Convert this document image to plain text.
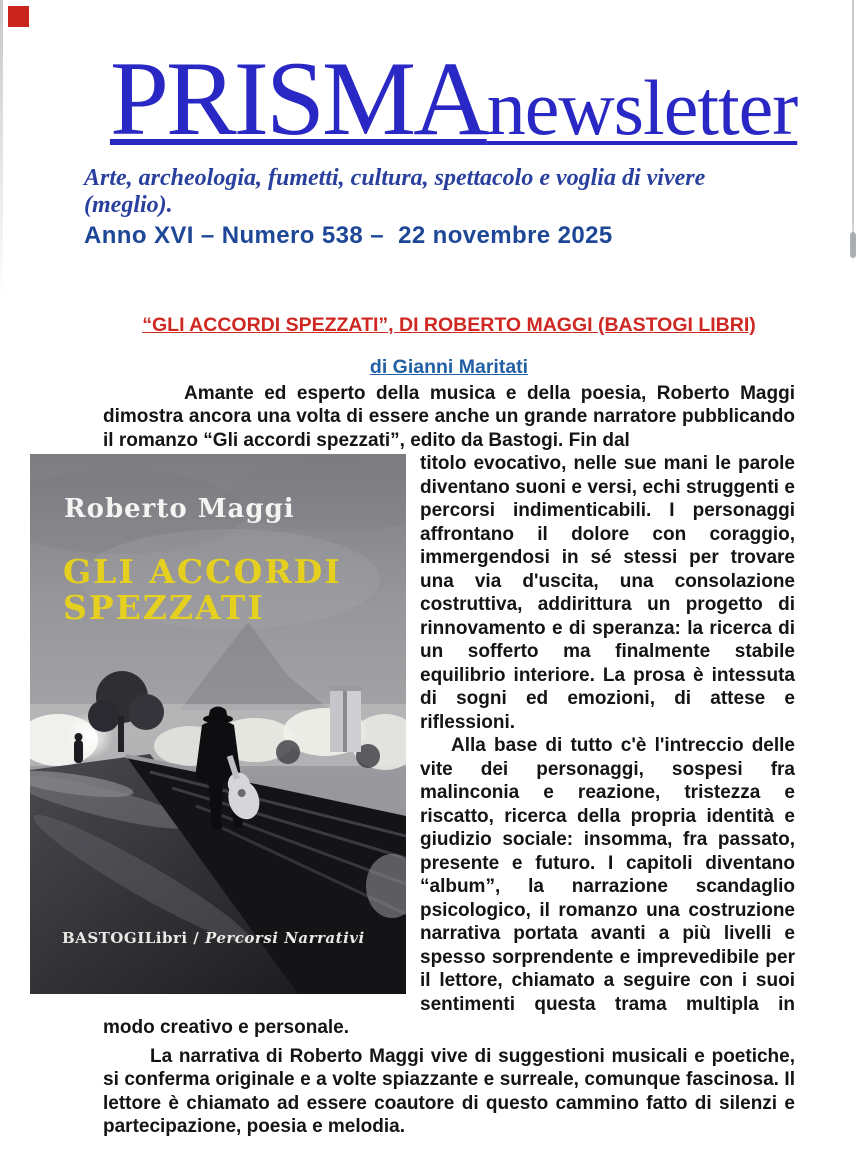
PRISMAnewsletter
Arte, archeologia, fumetti, cultura, spettacolo e voglia di vivere (meglio).
Anno XVI – Numero 538 –  22 novembre 2025
“GLI ACCORDI SPEZZATI”, DI ROBERTO MAGGI (BASTOGI LIBRI)
di Gianni Maritati

Amante ed esperto della musica e della poesia, Roberto Maggi dimostra ancora una volta di essere anche un grande narratore pubblicando il romanzo “Gli accordi spezzati”, edito da Bastogi. Fin dal

Roberto Maggi
GLI ACCORDI
SPEZZATI
BASTOGILibri / Percorsi Narrativi

titolo evocativo, nelle sue mani le parole diventano suoni e versi, echi struggenti e percorsi indimenticabili. I personaggi affrontano il dolore con coraggio, immergendosi in sé stessi per trovare una via d'uscita, una consolazione costruttiva, addirittura un progetto di rinnovamento e di speranza: la ricerca di un sofferto ma finalmente stabile equilibrio interiore. La prosa è intessuta di sogni ed emozioni, di attese e riflessioni.

Alla base di tutto c'è l'intreccio delle vite dei personaggi, sospesi fra malinconia e reazione, tristezza e riscatto, ricerca della propria identità e giudizio sociale: insomma, fra passato, presente e futuro. I capitoli diventano “album”, la narrazione scandaglio psicologico, il romanzo una costruzione narrativa portata avanti a più livelli e spesso sorprendente e imprevedibile per il lettore, chiamato a seguire con i suoi sentimenti questa trama multipla in modo creativo e personale.

La narrativa di Roberto Maggi vive di suggestioni musicali e poetiche, si conferma originale e a volte spiazzante e surreale, comunque fascinosa. Il lettore è chiamato ad essere coautore di questo cammino fatto di silenzi e partecipazione, poesia e melodia.
